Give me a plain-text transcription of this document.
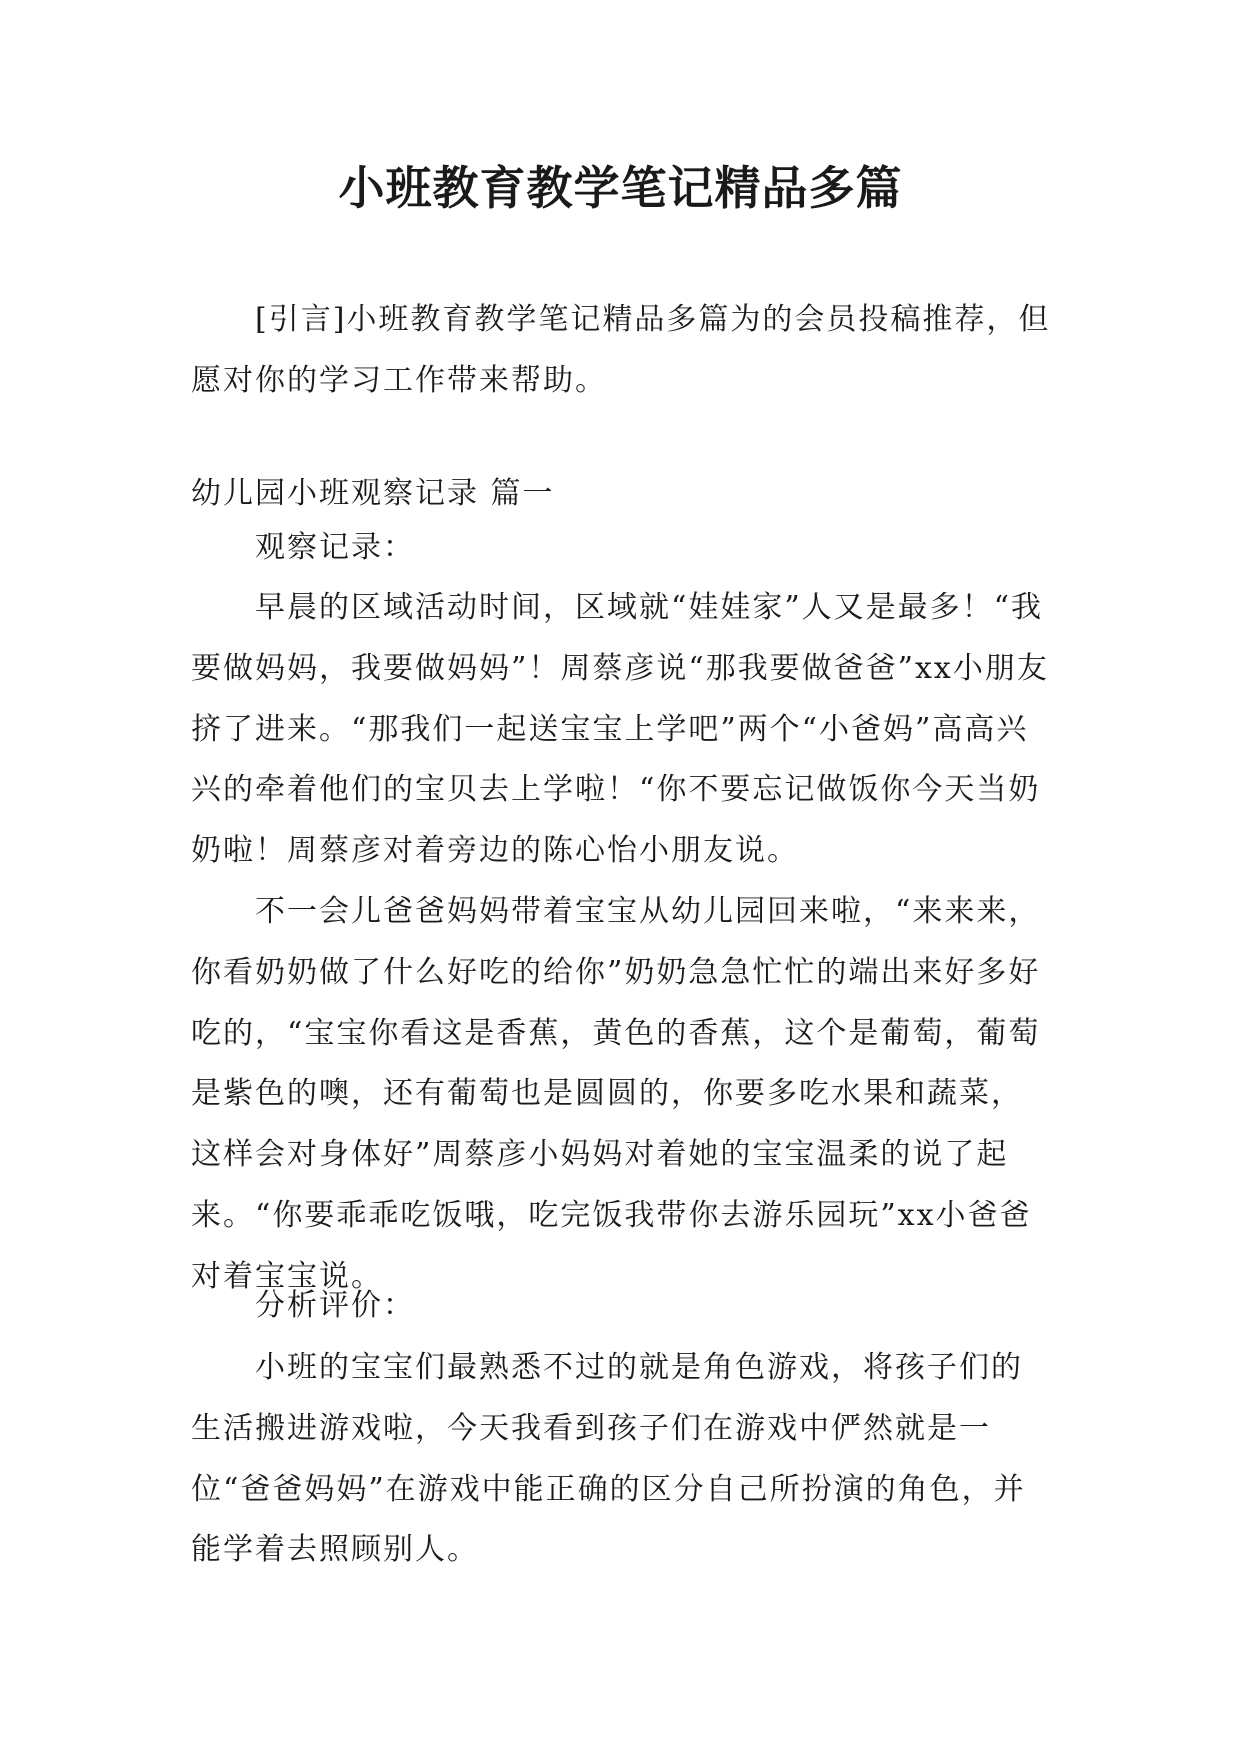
小班教育教学笔记精品多篇

[引言]小班教育教学笔记精品多篇为的会员投稿推荐，但愿对你的学习工作带来帮助。

幼儿园小班观察记录 篇一

观察记录：

早晨的区域活动时间，区域就“娃娃家”人又是最多！“我要做妈妈，我要做妈妈”！周蔡彦说“那我要做爸爸”xx小朋友挤了进来。“那我们一起送宝宝上学吧”两个“小爸妈”高高兴兴的牵着他们的宝贝去上学啦！“你不要忘记做饭你今天当奶奶啦！周蔡彦对着旁边的陈心怡小朋友说。

不一会儿爸爸妈妈带着宝宝从幼儿园回来啦，“来来来，你看奶奶做了什么好吃的给你”奶奶急急忙忙的端出来好多好吃的，“宝宝你看这是香蕉，黄色的香蕉，这个是葡萄，葡萄是紫色的噢，还有葡萄也是圆圆的，你要多吃水果和蔬菜，这样会对身体好”周蔡彦小妈妈对着她的宝宝温柔的说了起来。“你要乖乖吃饭哦，吃完饭我带你去游乐园玩”xx小爸爸对着宝宝说。

分析评价：

小班的宝宝们最熟悉不过的就是角色游戏，将孩子们的生活搬进游戏啦，今天我看到孩子们在游戏中俨然就是一位“爸爸妈妈”在游戏中能正确的区分自己所扮演的角色，并能学着去照顾别人。
